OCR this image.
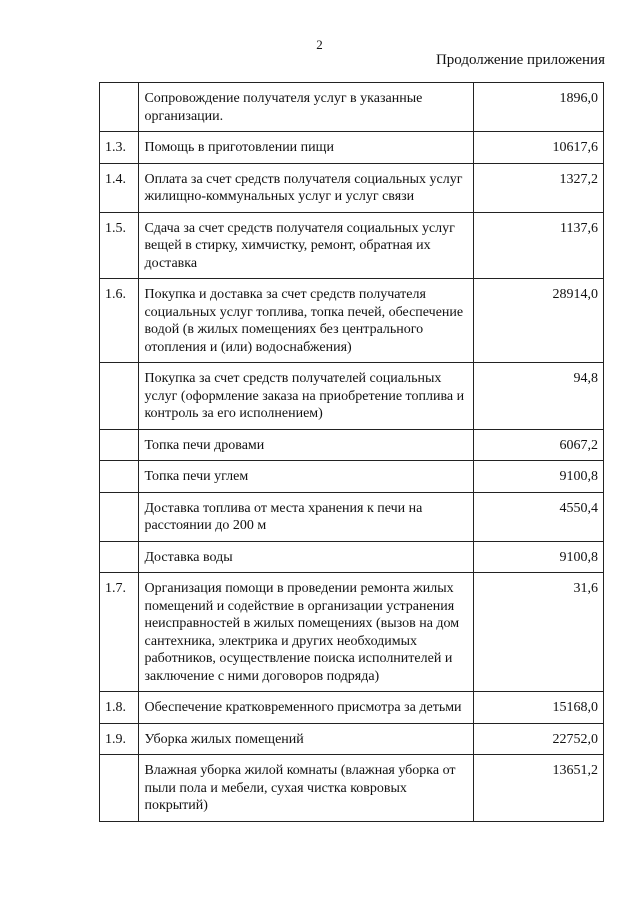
2
Продолжение приложения
	Сопровождение получателя услуг в указанные организации.	1896,0
1.3.	Помощь в приготовлении пищи	10617,6
1.4.	Оплата за счет средств получателя социальных услуг жилищно-коммунальных услуг и услуг связи	1327,2
1.5.	Сдача за счет средств получателя социальных услуг вещей в стирку, химчистку, ремонт, обратная их доставка	1137,6
1.6.	Покупка и доставка за счет средств получателя социальных услуг топлива, топка печей, обеспечение водой (в жилых помещениях без центрального отопления и (или) водоснабжения)	28914,0
	Покупка за счет средств получателей социальных услуг (оформление заказа на приобретение топлива и контроль за его исполнением)	94,8
	Топка печи дровами	6067,2
	Топка печи углем	9100,8
	Доставка топлива от места хранения к печи на расстоянии до 200 м	4550,4
	Доставка воды	9100,8
1.7.	Организация помощи в проведении ремонта жилых помещений и содействие в организации устранения неисправностей в жилых помещениях (вызов на дом сантехника, электрика и других необходимых работников, осуществление поиска исполнителей и заключение с ними договоров подряда)	31,6
1.8.	Обеспечение кратковременного присмотра за детьми	15168,0
1.9.	Уборка жилых помещений	22752,0
	Влажная уборка жилой комнаты (влажная уборка от пыли пола и мебели, сухая чистка ковровых покрытий)	13651,2
